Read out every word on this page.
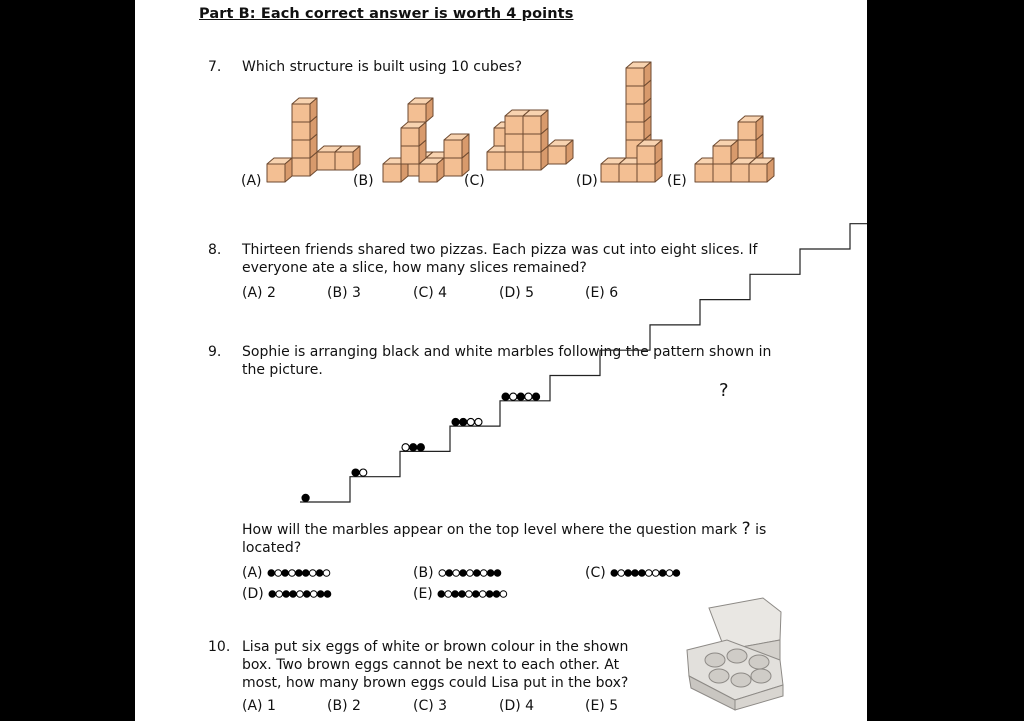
Part B: Each correct answer is worth 4 points
7. Which structure is built using 10 cubes?
(A)	(B)	(C)	(D)	(E)
8. Thirteen friends shared two pizzas. Each pizza was cut into eight slices. If
everyone ate a slice, how many slices remained?
(A) 2	(B) 3	(C) 4	(D) 5	(E) 6
9. Sophie is arranging black and white marbles following the pattern shown in
the picture.
?
How will the marbles appear on the top level where the question mark ? is
located?
(A)	(B)	(C)
(D)	(E)
10. Lisa put six eggs of white or brown colour in the shown
box. Two brown eggs cannot be next to each other. At
most, how many brown eggs could Lisa put in the box?
(A) 1	(B) 2	(C) 3	(D) 4	(E) 5
